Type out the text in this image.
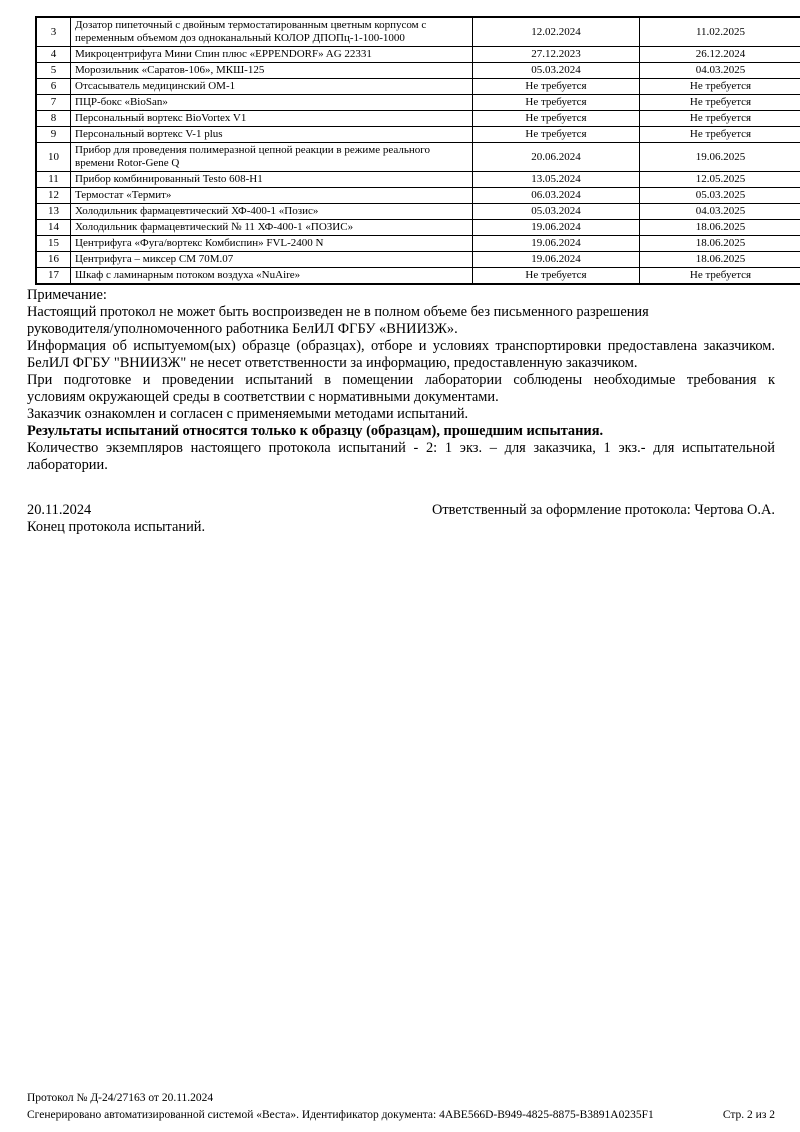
3	Дозатор пипеточный с двойным термостатированным цветным корпусом с переменным объемом доз одноканальный КОЛОР ДПОПц-1-100-1000	12.02.2024	11.02.2025
4	Микроцентрифуга Мини Спин плюс «EPPENDORF» AG 22331	27.12.2023	26.12.2024
5	Морозильник «Саратов-106», МКШ-125	05.03.2024	04.03.2025
6	Отсасыватель медицинский ОМ-1	Не требуется	Не требуется
7	ПЦР-бокс «BioSan»	Не требуется	Не требуется
8	Персональный вортекс BioVortex V1	Не требуется	Не требуется
9	Персональный вортекс V-1 plus	Не требуется	Не требуется
10	Прибор для проведения полимеразной цепной реакции в режиме реального времени Rotor-Gene Q	20.06.2024	19.06.2025
11	Прибор комбинированный Testo 608-H1	13.05.2024	12.05.2025
12	Термостат «Термит»	06.03.2024	05.03.2025
13	Холодильник фармацевтический ХФ-400-1 «Позис»	05.03.2024	04.03.2025
14	Холодильник фармацевтический № 11 ХФ-400-1 «ПОЗИС»	19.06.2024	18.06.2025
15	Центрифуга «Фуга/вортекс Комбиспин» FVL-2400 N	19.06.2024	18.06.2025
16	Центрифуга – миксер СМ 70М.07	19.06.2024	18.06.2025
17	Шкаф с ламинарным потоком воздуха «NuAire»	Не требуется	Не требуется
Примечание:
Настоящий протокол не может быть воспроизведен не в полном объеме без письменного разрешения
руководителя/уполномоченного работника БелИЛ ФГБУ «ВНИИЗЖ».
Информация об испытуемом(ых) образце (образцах), отборе и условиях транспортировки предоставлена заказчиком.
БелИЛ ФГБУ "ВНИИЗЖ" не несет ответственности за информацию, предоставленную заказчиком.
При подготовке и проведении испытаний в помещении лаборатории соблюдены необходимые требования к
условиям окружающей среды в соответствии с нормативными документами.
Заказчик ознакомлен и согласен с применяемыми методами испытаний.
Результаты испытаний относятся только к образцу (образцам), прошедшим испытания.
Количество экземпляров настоящего протокола испытаний - 2: 1 экз. – для заказчика, 1 экз.- для испытательной
лаборатории.
20.11.2024	Ответственный за оформление протокола: Чертова О.А.
Конец протокола испытаний.
Протокол № Д-24/27163 от 20.11.2024
Сгенерировано автоматизированной системой «Веста». Идентификатор документа: 4ABE566D-B949-4825-8875-B3891A0235F1	Стр. 2 из 2
